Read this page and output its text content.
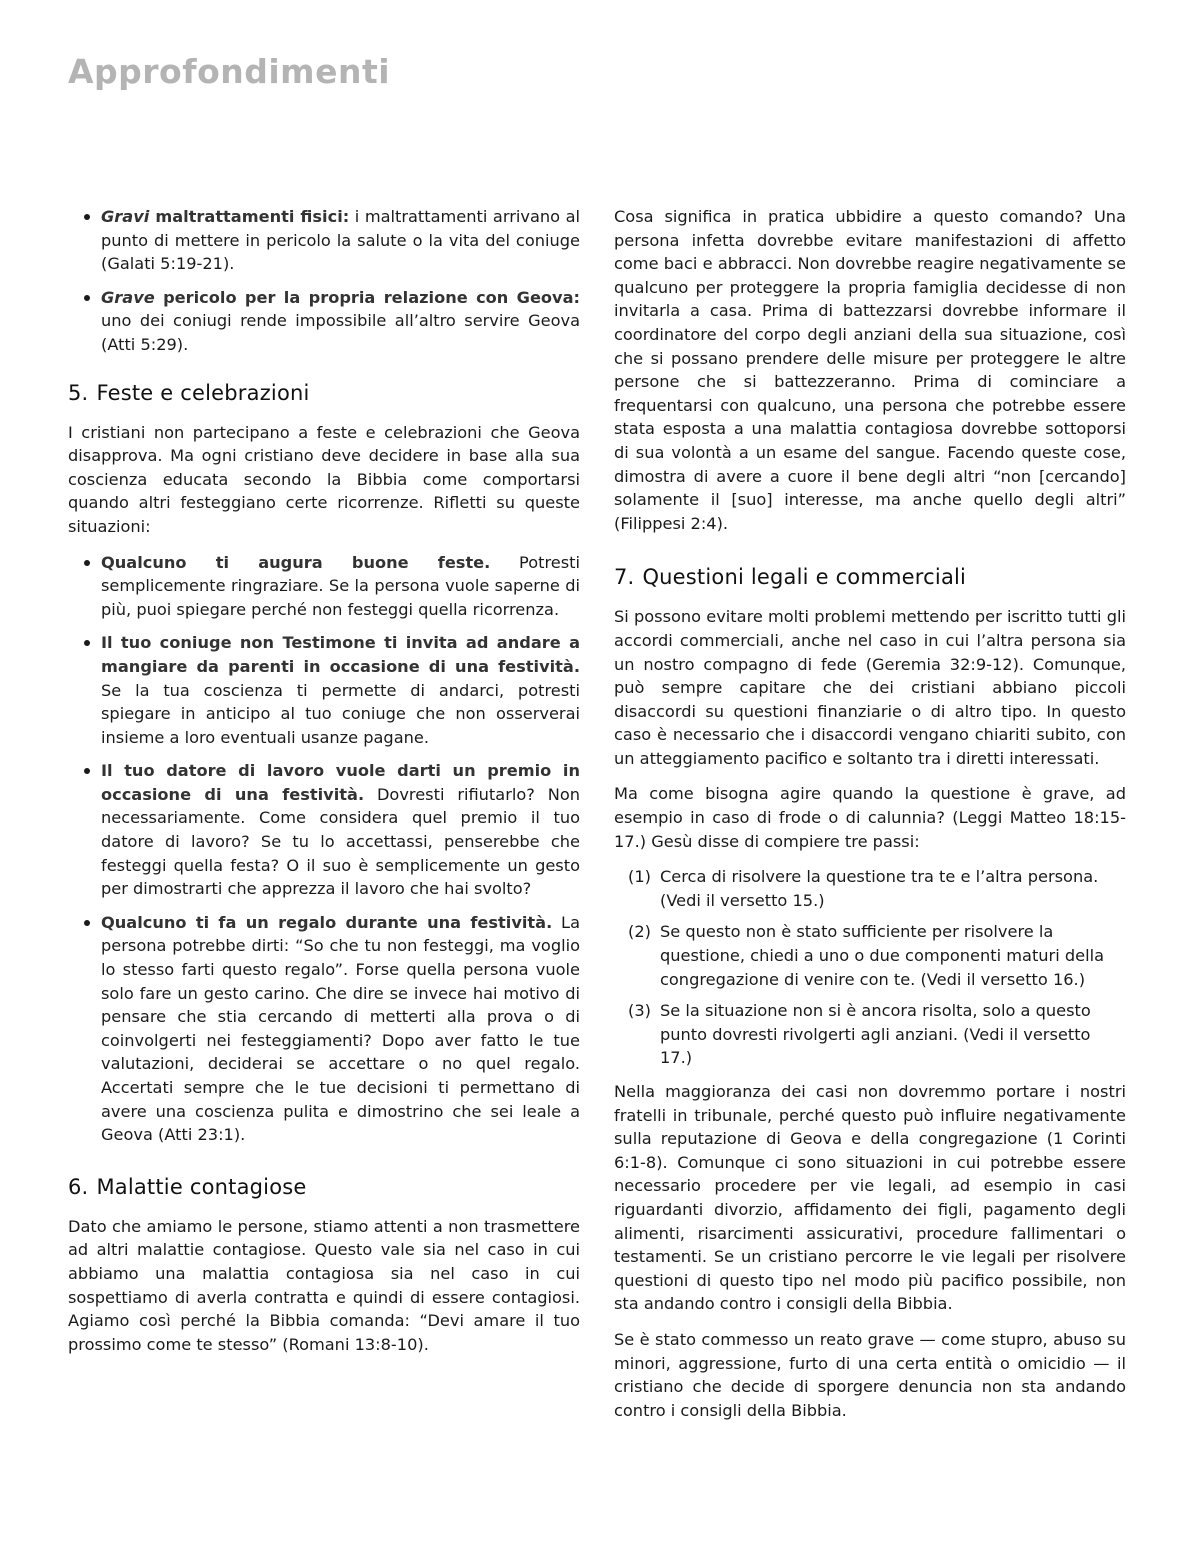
Approfondimenti
Gravi maltrattamenti fisici: i maltrattamenti arrivano al punto di mettere in pericolo la salute o la vita del coniuge (Galati 5:19-21).
Grave pericolo per la propria relazione con Geova: uno dei coniugi rende impossibile all’altro servire Geova (Atti 5:29).
5. Feste e celebrazioni

I cristiani non partecipano a feste e celebrazioni che Geova disapprova. Ma ogni cristiano deve decidere in base alla sua coscienza educata secondo la Bibbia come comportarsi quando altri festeggiano certe ricorrenze. Rifletti su queste situazioni:

Qualcuno ti augura buone feste. Potresti semplicemente ringraziare. Se la persona vuole saperne di più, puoi spiegare perché non festeggi quella ricorrenza.
Il tuo coniuge non Testimone ti invita ad andare a mangiare da parenti in occasione di una festività. Se la tua coscienza ti permette di andarci, potresti spiegare in anticipo al tuo coniuge che non osserverai insieme a loro eventuali usanze pagane.
Il tuo datore di lavoro vuole darti un premio in occasione di una festività. Dovresti rifiutarlo? Non necessariamente. Come considera quel premio il tuo datore di lavoro? Se tu lo accettassi, penserebbe che festeggi quella festa? O il suo è semplicemente un gesto per dimostrarti che apprezza il lavoro che hai svolto?
Qualcuno ti fa un regalo durante una festività. La persona potrebbe dirti: “So che tu non festeggi, ma voglio lo stesso farti questo regalo”. Forse quella persona vuole solo fare un gesto carino. Che dire se invece hai motivo di pensare che stia cercando di metterti alla prova o di coinvolgerti nei festeggiamenti? Dopo aver fatto le tue valutazioni, deciderai se accettare o no quel regalo. Accertati sempre che le tue decisioni ti permettano di avere una coscienza pulita e dimostrino che sei leale a Geova (Atti 23:1).
6. Malattie contagiose

Dato che amiamo le persone, stiamo attenti a non trasmettere ad altri malattie contagiose. Questo vale sia nel caso in cui abbiamo una malattia contagiosa sia nel caso in cui sospettiamo di averla contratta e quindi di essere contagiosi. Agiamo così perché la Bibbia comanda: “Devi amare il tuo prossimo come te stesso” (Romani 13:8-10).

Cosa significa in pratica ubbidire a questo comando? Una persona infetta dovrebbe evitare manifestazioni di affetto come baci e abbracci. Non dovrebbe reagire negativamente se qualcuno per proteggere la propria famiglia decidesse di non invitarla a casa. Prima di battezzarsi dovrebbe informare il coordinatore del corpo degli anziani della sua situazione, così che si possano prendere delle misure per proteggere le altre persone che si battezzeranno. Prima di cominciare a frequentarsi con qualcuno, una persona che potrebbe essere stata esposta a una malattia contagiosa dovrebbe sottoporsi di sua volontà a un esame del sangue. Facendo queste cose, dimostra di avere a cuore il bene degli altri “non [cercando] solamente il [suo] interesse, ma anche quello degli altri” (Filippesi 2:4).

7. Questioni legali e commerciali

Si possono evitare molti problemi mettendo per iscritto tutti gli accordi commerciali, anche nel caso in cui l’altra persona sia un nostro compagno di fede (Geremia 32:9-12). Comunque, può sempre capitare che dei cristiani abbiano piccoli disaccordi su questioni finanziarie o di altro tipo. In questo caso è necessario che i disaccordi vengano chiariti subito, con un atteggiamento pacifico e soltanto tra i diretti interessati.

Ma come bisogna agire quando la questione è grave, ad esempio in caso di frode o di calunnia? (Leggi Matteo 18:15-17.) Gesù disse di compiere tre passi:

(1) Cerca di risolvere la questione tra te e l’altra persona. (Vedi il versetto 15.)
(2) Se questo non è stato sufficiente per risolvere la questione, chiedi a uno o due componenti maturi della congregazione di venire con te. (Vedi il versetto 16.)
(3) Se la situazione non si è ancora risolta, solo a questo punto dovresti rivolgerti agli anziani. (Vedi il versetto 17.)

Nella maggioranza dei casi non dovremmo portare i nostri fratelli in tribunale, perché questo può influire negativamente sulla reputazione di Geova e della congregazione (1 Corinti 6:1-8). Comunque ci sono situazioni in cui potrebbe essere necessario procedere per vie legali, ad esempio in casi riguardanti divorzio, affidamento dei figli, pagamento degli alimenti, risarcimenti assicurativi, procedure fallimentari o testamenti. Se un cristiano percorre le vie legali per risolvere questioni di questo tipo nel modo più pacifico possibile, non sta andando contro i consigli della Bibbia.

Se è stato commesso un reato grave — come stupro, abuso su minori, aggressione, furto di una certa entità o omicidio — il cristiano che decide di sporgere denuncia non sta andando contro i consigli della Bibbia.
